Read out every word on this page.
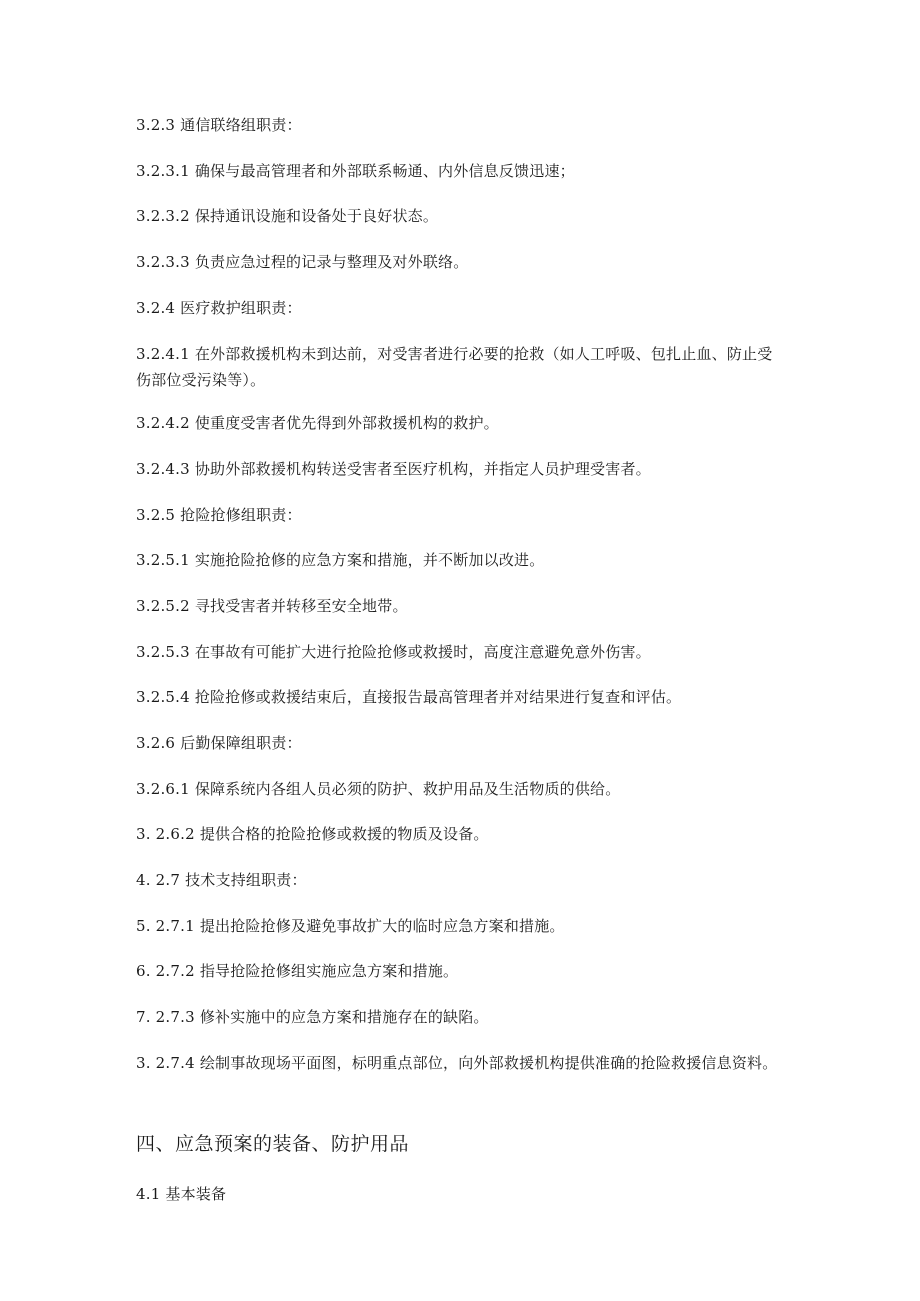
3.2.3 通信联络组职责：
3.2.3.1 确保与最高管理者和外部联系畅通、内外信息反馈迅速；
3.2.3.2 保持通讯设施和设备处于良好状态。
3.2.3.3 负责应急过程的记录与整理及对外联络。
3.2.4 医疗救护组职责：
3.2.4.1 在外部救援机构未到达前，对受害者进行必要的抢救（如人工呼吸、包扎止血、防止受伤部位受污染等）。
3.2.4.2 使重度受害者优先得到外部救援机构的救护。
3.2.4.3 协助外部救援机构转送受害者至医疗机构，并指定人员护理受害者。
3.2.5 抢险抢修组职责：
3.2.5.1 实施抢险抢修的应急方案和措施，并不断加以改进。
3.2.5.2 寻找受害者并转移至安全地带。
3.2.5.3 在事故有可能扩大进行抢险抢修或救援时，高度注意避免意外伤害。
3.2.5.4 抢险抢修或救援结束后，直接报告最高管理者并对结果进行复查和评估。
3.2.6 后勤保障组职责：
3.2.6.1 保障系统内各组人员必须的防护、救护用品及生活物质的供给。
3. 2.6.2 提供合格的抢险抢修或救援的物质及设备。
4. 2.7 技术支持组职责：
5. 2.7.1 提出抢险抢修及避免事故扩大的临时应急方案和措施。
6. 2.7.2 指导抢险抢修组实施应急方案和措施。
7. 2.7.3 修补实施中的应急方案和措施存在的缺陷。
3. 2.7.4 绘制事故现场平面图，标明重点部位，向外部救援机构提供准确的抢险救援信息资料。
四、应急预案的装备、防护用品
4.1 基本装备
